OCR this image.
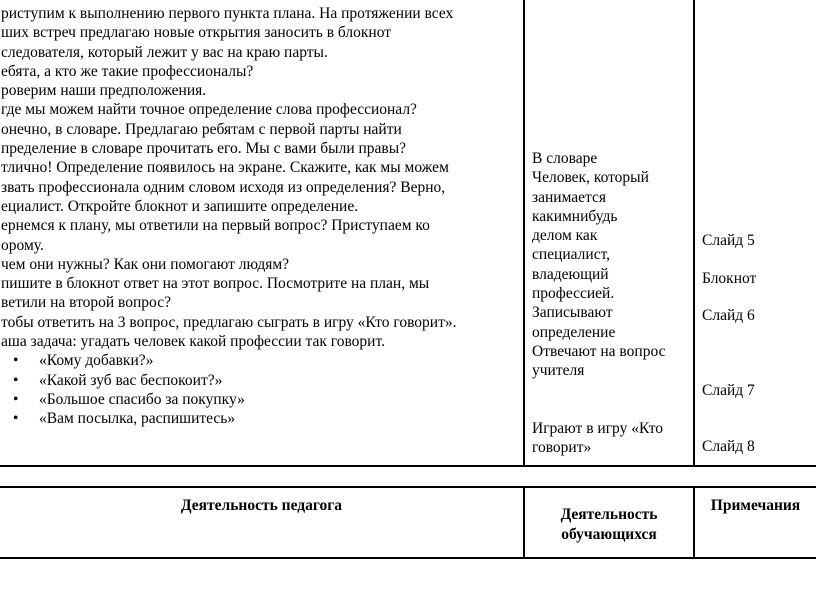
риступим к выполнению первого пункта плана. На протяжении всех
ших встреч предлагаю новые открытия заносить в блокнот
следователя, который лежит у вас на краю парты.
ебята, а кто же такие профессионалы?
роверим наши предположения.
где мы можем найти точное определение слова профессионал?
онечно, в словаре. Предлагаю ребятам с первой парты найти
пределение в словаре прочитать его. Мы с вами были правы?
тлично! Определение появилось на экране. Скажите, как мы можем
звать профессионала одним словом исходя из определения? Верно,
ециалист. Откройте блокнот и запишите определение.
ернемся к плану, мы ответили на первый вопрос? Приступаем ко
орому.
чем они нужны? Как они помогают людям?
пишите в блокнот ответ на этот вопрос. Посмотрите на план, мы
ветили на второй вопрос?
тобы ответить на 3 вопрос, предлагаю сыграть в игру «Кто говорит».
аша задача: угадать человек какой профессии так говорит.
• «Кому добавки?»
• «Какой зуб вас беспокоит?»
• «Большое спасибо за покупку»
• «Вам посылка, распишитесь»
В словаре
Человек, который
занимается
какимнибудь
делом как
специалист,
владеющий
профессией.
Записывают
определение
Отвечают на вопрос
учителя
Играют в игру «Кто
говорит»
Слайд 5
Блокнот
Слайд 6
Слайд 7
Слайд 8
Деятельность педагога
Деятельность
обучающихся
Примечания
